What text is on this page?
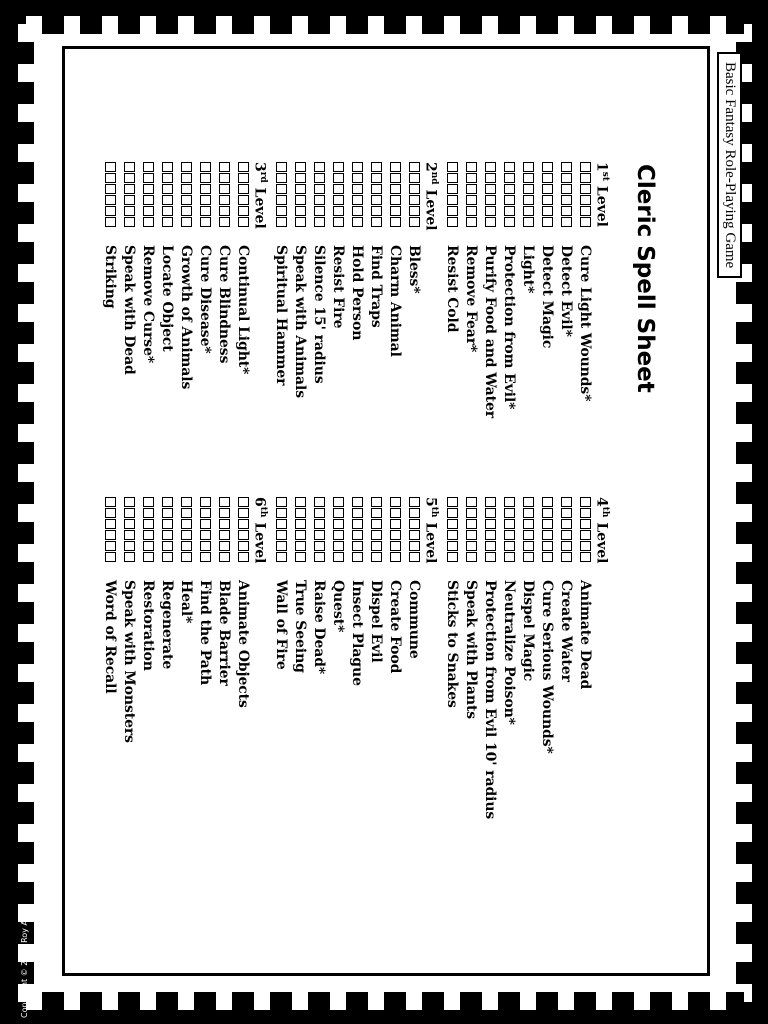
Basic Fantasy Role-Playing Game
Cleric Spell Sheet
1st Level
Cure Light Wounds*
Detect Evil*
Detect Magic
Light*
Protection from Evil*
Purify Food and Water
Remove Fear*
Resist Cold
2nd Level
Bless*
Charm Animal
Find Traps
Hold Person
Resist Fire
Silence 15' radius
Speak with Animals
Spiritual Hammer
3rd Level
Continual Light*
Cure Blindness
Cure Disease*
Growth of Animals
Locate Object
Remove Curse*
Speak with Dead
Striking
4th Level
Animate Dead
Create Water
Cure Serious Wounds*
Dispel Magic
Neutralize Poison*
Protection from Evil 10' radius
Speak with Plants
Sticks to Snakes
5th Level
Commune
Create Food
Dispel Evil
Insect Plague
Quest*
Raise Dead*
True Seeing
Wall of Fire
6th Level
Animate Objects
Blade Barrier
Find the Path
Heal*
Regenerate
Restoration
Speak with Monsters
Word of Recall
Copyright © 2007 Roy Allen
